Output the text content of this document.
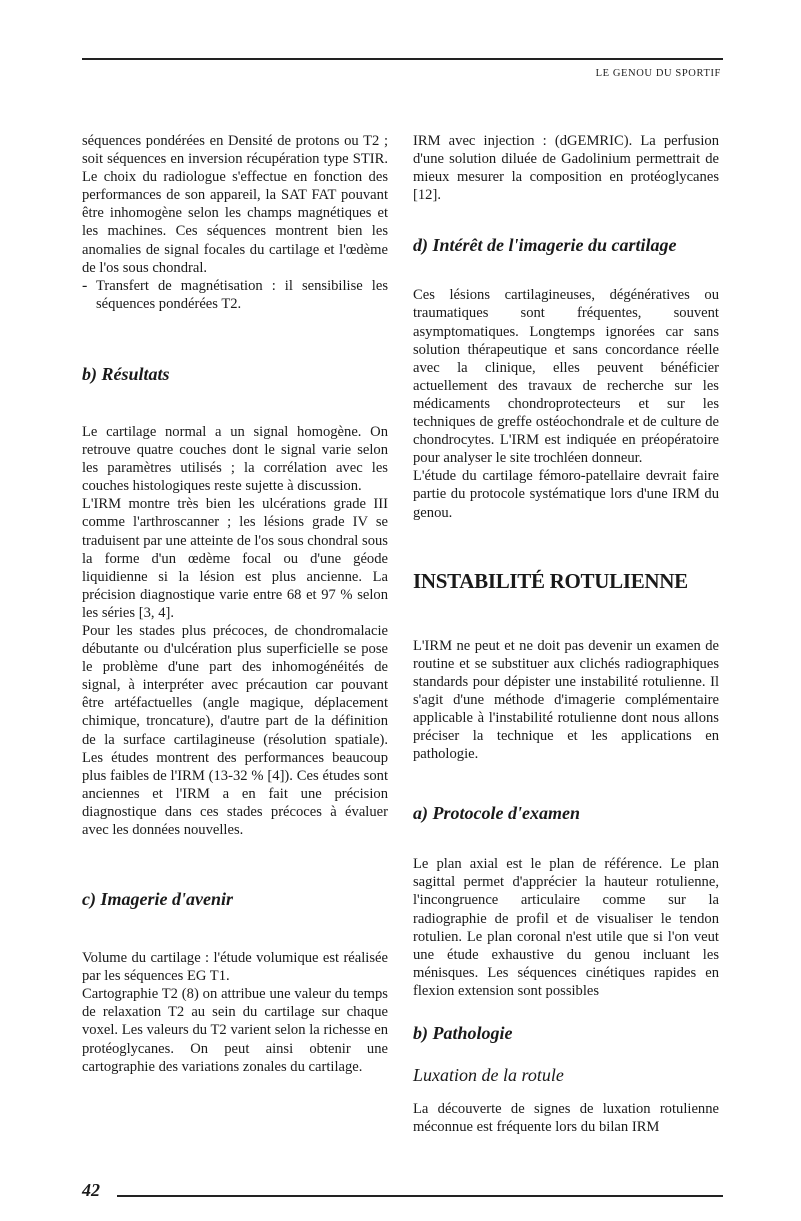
LE GENOU DU SPORTIF

séquences pondérées en Densité de protons ou T2 ; soit séquences en inversion récupération type STIR. Le choix du radiologue s'effectue en fonction des performances de son appareil, la SAT FAT pouvant être inhomogène selon les champs magnétiques et les machines. Ces séquences montrent bien les anomalies de signal focales du cartilage et l'œdème de l'os sous chondral.

- Transfert de magnétisation : il sensibilise les séquences pondérées T2.

b) Résultats

Le cartilage normal a un signal homogène. On retrouve quatre couches dont le signal varie selon les paramètres utilisés ; la corrélation avec les couches histologiques reste sujette à discussion.

L'IRM montre très bien les ulcérations grade III comme l'arthroscanner ; les lésions grade IV se traduisent par une atteinte de l'os sous chondral sous la forme d'un œdème focal ou d'une géode liquidienne si la lésion est plus ancienne. La précision diagnostique varie entre 68 et 97 % selon les séries [3, 4].

Pour les stades plus précoces, de chondromalacie débutante ou d'ulcération plus superficielle se pose le problème d'une part des inhomogénéités de signal, à interpréter avec précaution car pouvant être artéfactuelles (angle magique, déplacement chimique, troncature), d'autre part de la définition de la surface cartilagineuse (résolution spatiale). Les études montrent des performances beaucoup plus faibles de l'IRM (13-32 % [4]). Ces études sont anciennes et l'IRM a en fait une précision diagnostique dans ces stades précoces à évaluer avec les données nouvelles.

c) Imagerie d'avenir

Volume du cartilage : l'étude volumique est réalisée par les séquences EG T1.

Cartographie T2 (8) on attribue une valeur du temps de relaxation T2 au sein du cartilage sur chaque voxel. Les valeurs du T2 varient selon la richesse en protéoglycanes. On peut ainsi obtenir une cartographie des variations zonales du cartilage.

IRM avec injection : (dGEMRIC). La perfusion d'une solution diluée de Gadolinium permettrait de mieux mesurer la composition en protéoglycanes [12].

d) Intérêt de l'imagerie du cartilage

Ces lésions cartilagineuses, dégénératives ou traumatiques sont fréquentes, souvent asymptomatiques. Longtemps ignorées car sans solution thérapeutique et sans concordance réelle avec la clinique, elles peuvent bénéficier actuellement des travaux de recherche sur les médicaments chondroprotecteurs et sur les techniques de greffe ostéochondrale et de culture de chondrocytes. L'IRM est indiquée en préopératoire pour analyser le site trochléen donneur.

L'étude du cartilage fémoro-patellaire devrait faire partie du protocole systématique lors d'une IRM du genou.

INSTABILITÉ ROTULIENNE

L'IRM ne peut et ne doit pas devenir un examen de routine et se substituer aux clichés radiographiques standards pour dépister une instabilité rotulienne. Il s'agit d'une méthode d'imagerie complémentaire applicable à l'instabilité rotulienne dont nous allons préciser la technique et les applications en pathologie.

a) Protocole d'examen

Le plan axial est le plan de référence. Le plan sagittal permet d'apprécier la hauteur rotulienne, l'incongruence articulaire comme sur la radiographie de profil et de visualiser le tendon rotulien. Le plan coronal n'est utile que si l'on veut une étude exhaustive du genou incluant les ménisques. Les séquences cinétiques rapides en flexion extension sont possibles

b) Pathologie
Luxation de la rotule

La découverte de signes de luxation rotulienne méconnue est fréquente lors du bilan IRM

42
